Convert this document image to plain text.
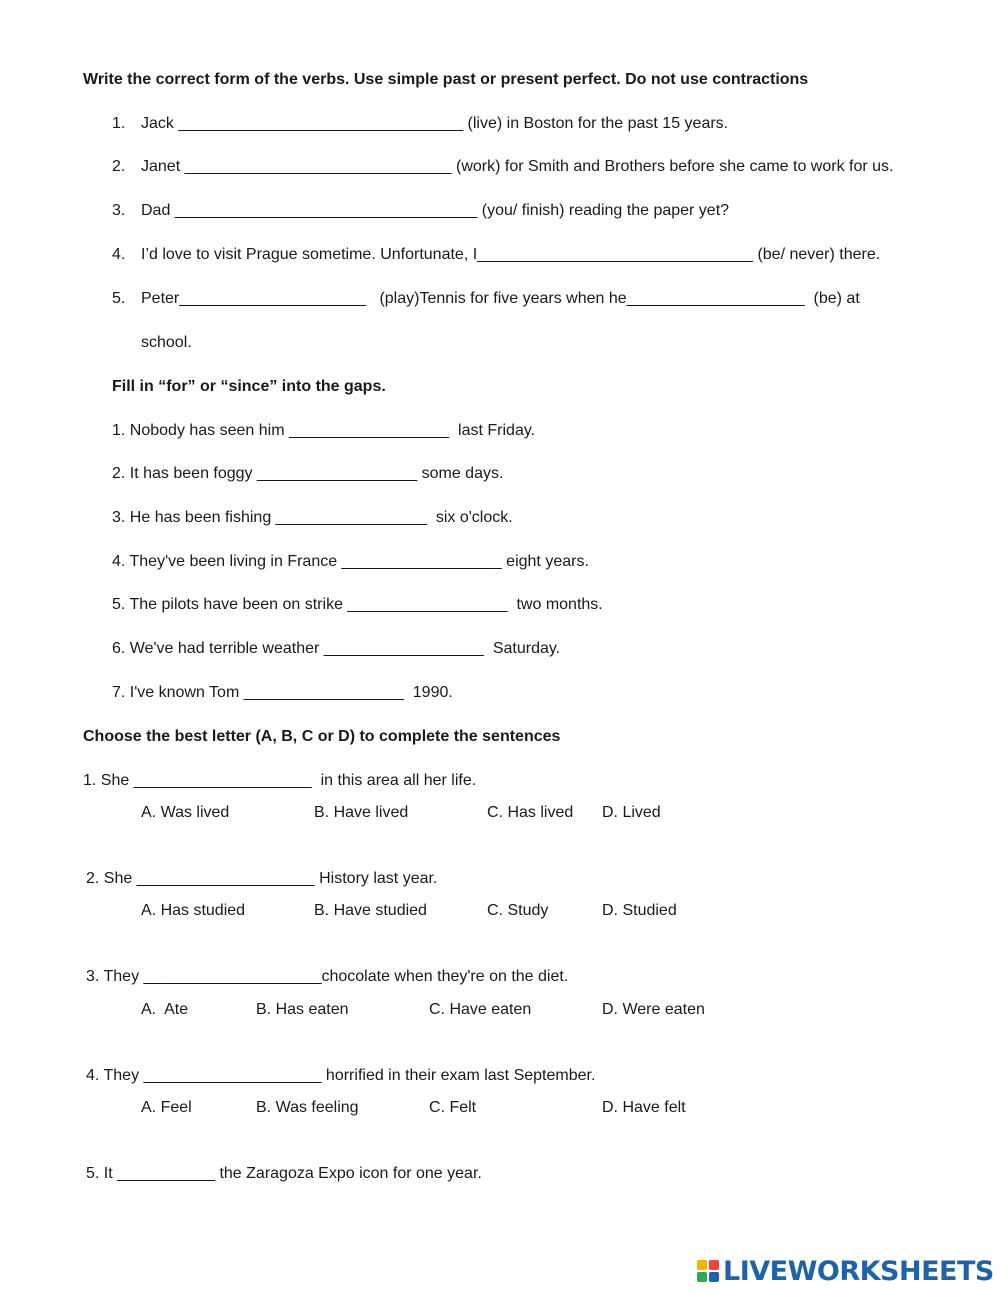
Write the correct form of the verbs. Use simple past or present perfect. Do not use contractions
1. Jack ________________________________ (live) in Boston for the past 15 years.
2. Janet ______________________________ (work) for Smith and Brothers before she came to work for us.
3. Dad __________________________________ (you/ finish) reading the paper yet?
4. I’d love to visit Prague sometime. Unfortunate, I_______________________________ (be/ never) there.
5. Peter_____________________   (play)Tennis for five years when he____________________  (be) at
school.
Fill in “for” or “since” into the gaps.
1. Nobody has seen him __________________  last Friday.
2. It has been foggy __________________ some days.
3. He has been fishing _________________  six o'clock.
4. They've been living in France __________________ eight years.
5. The pilots have been on strike __________________  two months.
6. We've had terrible weather __________________  Saturday.
7. I've known Tom __________________  1990.
Choose the best letter (A, B, C or D) to complete the sentences
1. She ____________________  in this area all her life.
A. Was lived	B. Have lived	C. Has lived D. Lived
2. She ____________________ History last year.
A. Has studied	B. Have studied	C. Study	D. Studied
3. They ____________________chocolate when they're on the diet.
A.  Ate	B. Has eaten	C. Have eaten	D. Were eaten
4. They ____________________ horrified in their exam last September.
A. Feel	B. Was feeling	C. Felt	D. Have felt
5. It ___________ the Zaragoza Expo icon for one year.
LIVEWORKSHEETS
